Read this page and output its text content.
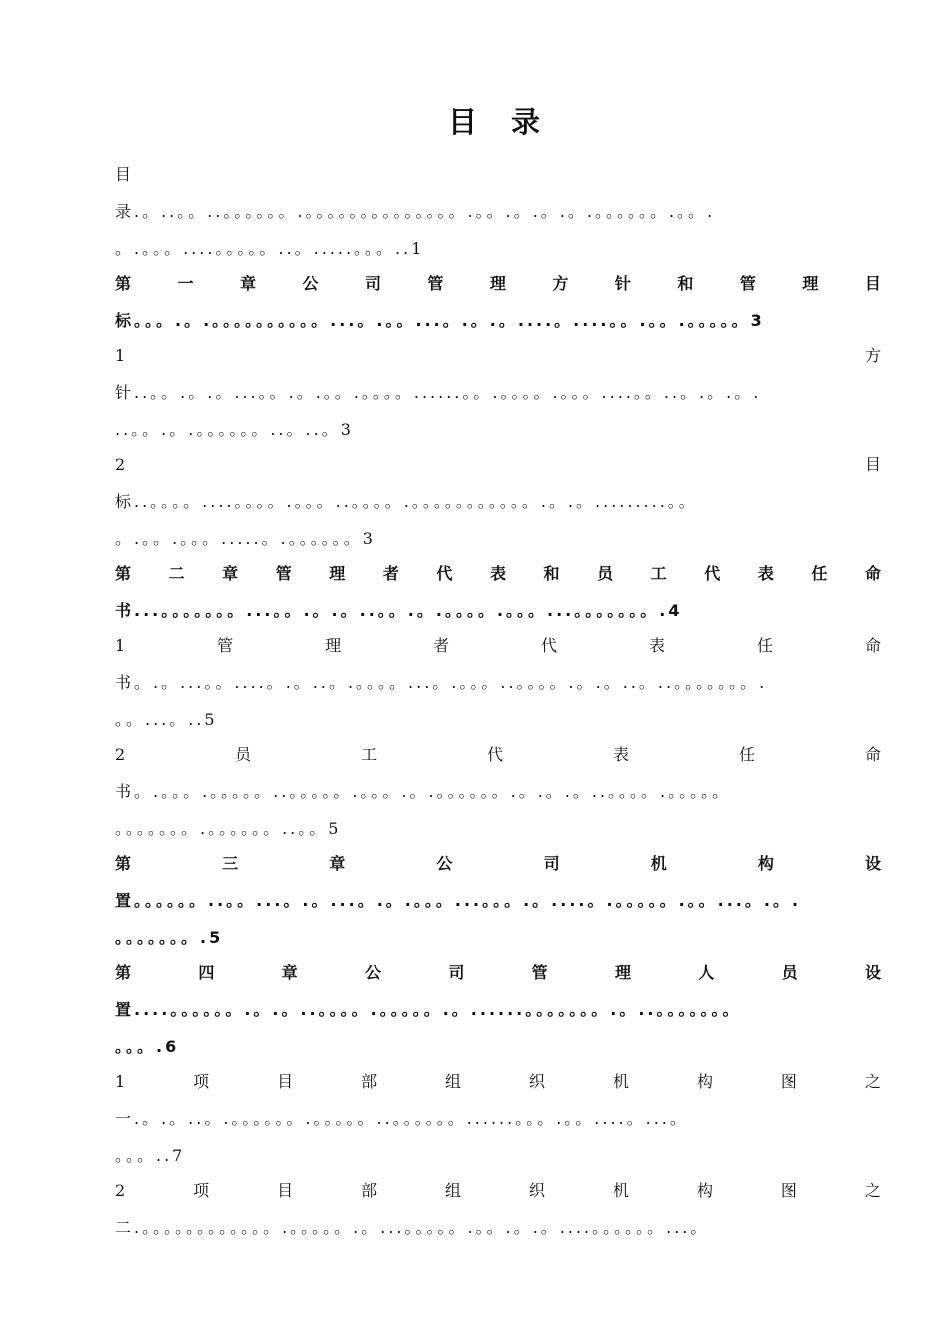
目 录
目
录.。..。。..。。。。。。.。。。。。。。。。。。。。。.。。.。.。.。.。。。。。。.。。.
。.。。。....。。。。。..。.....。。。..1
第	一	章	公	司	管	理	方	针	和	管	理	目
标。。。.。.。。。。。。。。。。...。.。。...。.。.。....。....。。.。。.。。。。。3
1	方
针..。。.。.。...。。.。.。。.。。。。......。。.。。。。.。。。....。。..。.。.。.
..。。.。.。。。。。。..。..。3
2	目
标..。。。。....。。。。.。。。..。。。。.。。。。。。。。。。。.。.。.........。。
。.。。.。。。.....。.。。。。。。3
第 二 章 管 理 者 代 表 和 员 工 代 表 任 命
书...。。。。。。。...。。.。.。..。。.。.。。。。.。。。...。。。。。。。.4
1	管	理	者	代	表	任	命
书。.。...。。....。.。..。.。。。。...。.。。。..。。。。.。.。..。..。。。。。。。.
。。...。..5
2	员	工	代	表	任	命
书。.。。。.。。。。。..。。。。。.。。。.。.。。。。。。.。.。.。..。。。。.。。。。。
。。。。。。。.。。。。。。..。。5
第	三	章	公	司	机	构	设
置。。。。。。..。。...。.。...。.。.。。。...。。。.。....。.。。。。。.。。...。.。.
。。。。。。。.5
第	四	章	公	司	管	理	人	员	设
置....。。。。。。.。.。..。。。。.。。。。。.。......。。。。。。。.。..。。。。。。。
。。。.6
1	项	目	部	组	织	机	构	图	之
一.。.。..。.。。。。。。.。。。。。..。。。。。。......。。。.。。....。...。
。。。..7
2	项	目	部	组	织	机	构	图	之
二.。。。。。。。。。。。。.。。。。。.。...。。。。。.。。.。.。....。。。。。。...。
